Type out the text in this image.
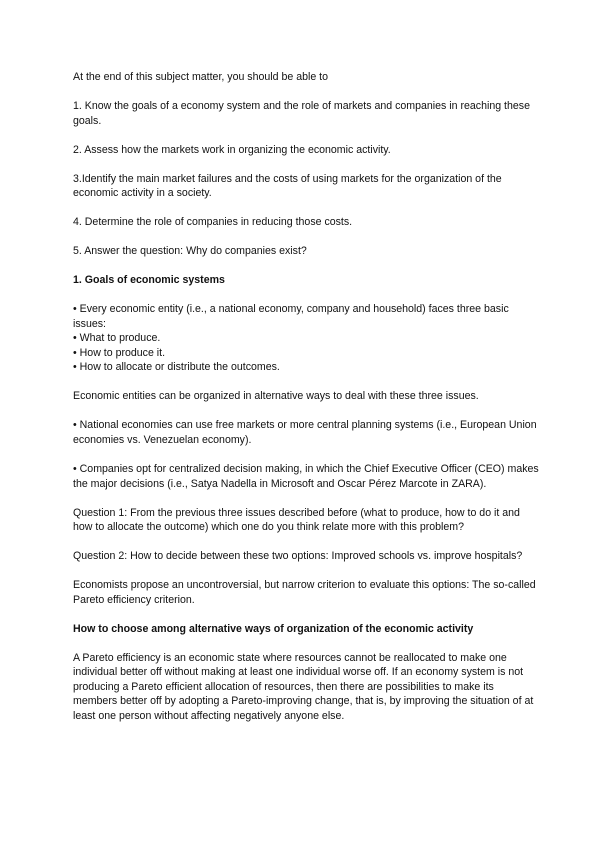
At the end of this subject matter, you should be able to

1. Know the goals of a economy system and the role of markets and companies in reaching these goals.

2. Assess how the markets work in organizing the economic activity.

3.Identify the main market failures and the costs of using markets for the organization of the economic activity in a society.

4. Determine the role of companies in reducing those costs.

5. Answer the question: Why do companies exist?

1. Goals of economic systems

• Every economic entity (i.e., a national economy, company and household) faces three basic issues:
• What to produce.
• How to produce it.
• How to allocate or distribute the outcomes.

Economic entities can be organized in alternative ways to deal with these three issues.

• National economies can use free markets or more central planning systems (i.e., European Union economies vs. Venezuelan economy).

• Companies opt for centralized decision making, in which the Chief Executive Officer (CEO) makes the major decisions (i.e., Satya Nadella in Microsoft and Oscar Pérez Marcote in ZARA).

Question 1: From the previous three issues described before (what to produce, how to do it and how to allocate the outcome) which one do you think relate more with this problem?

Question 2: How to decide between these two options: Improved schools vs. improve hospitals?

Economists propose an uncontroversial, but narrow criterion to evaluate this options: The so-called Pareto efficiency criterion.

How to choose among alternative ways of organization of the economic activity

A Pareto efficiency is an economic state where resources cannot be reallocated to make one individual better off without making at least one individual worse off. If an economy system is not producing a Pareto efficient allocation of resources, then there are possibilities to make its members better off by adopting a Pareto-improving change, that is, by improving the situation of at least one person without affecting negatively anyone else.
